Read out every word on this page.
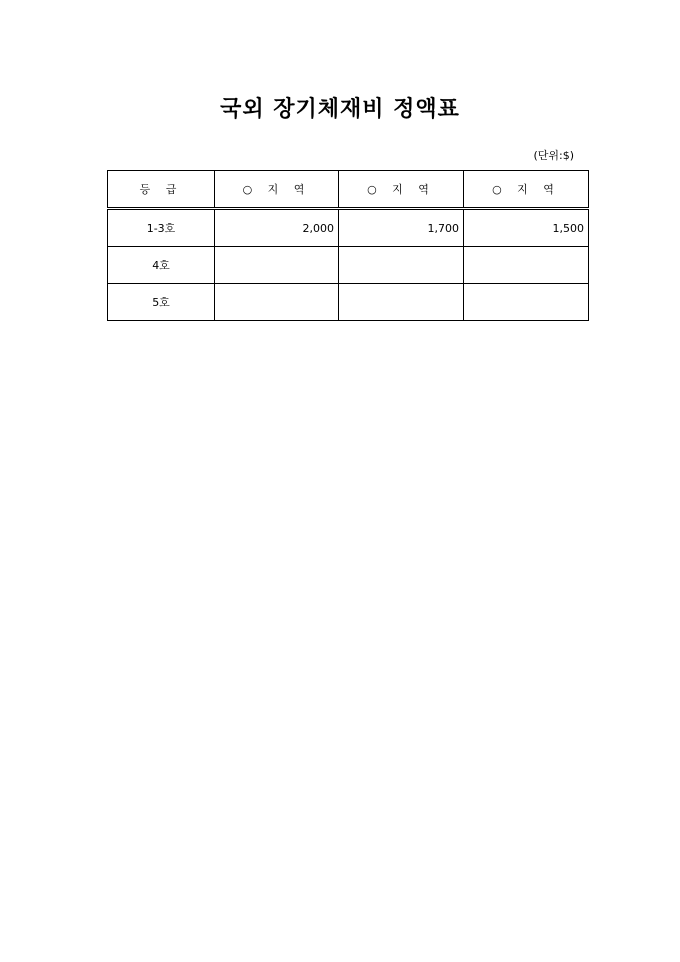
국외 장기체재비 정액표
(단위:$)
등 급	○ 지 역	○ 지 역	○ 지 역
1-3호	2,000	1,700	1,500
4호			
5호			
